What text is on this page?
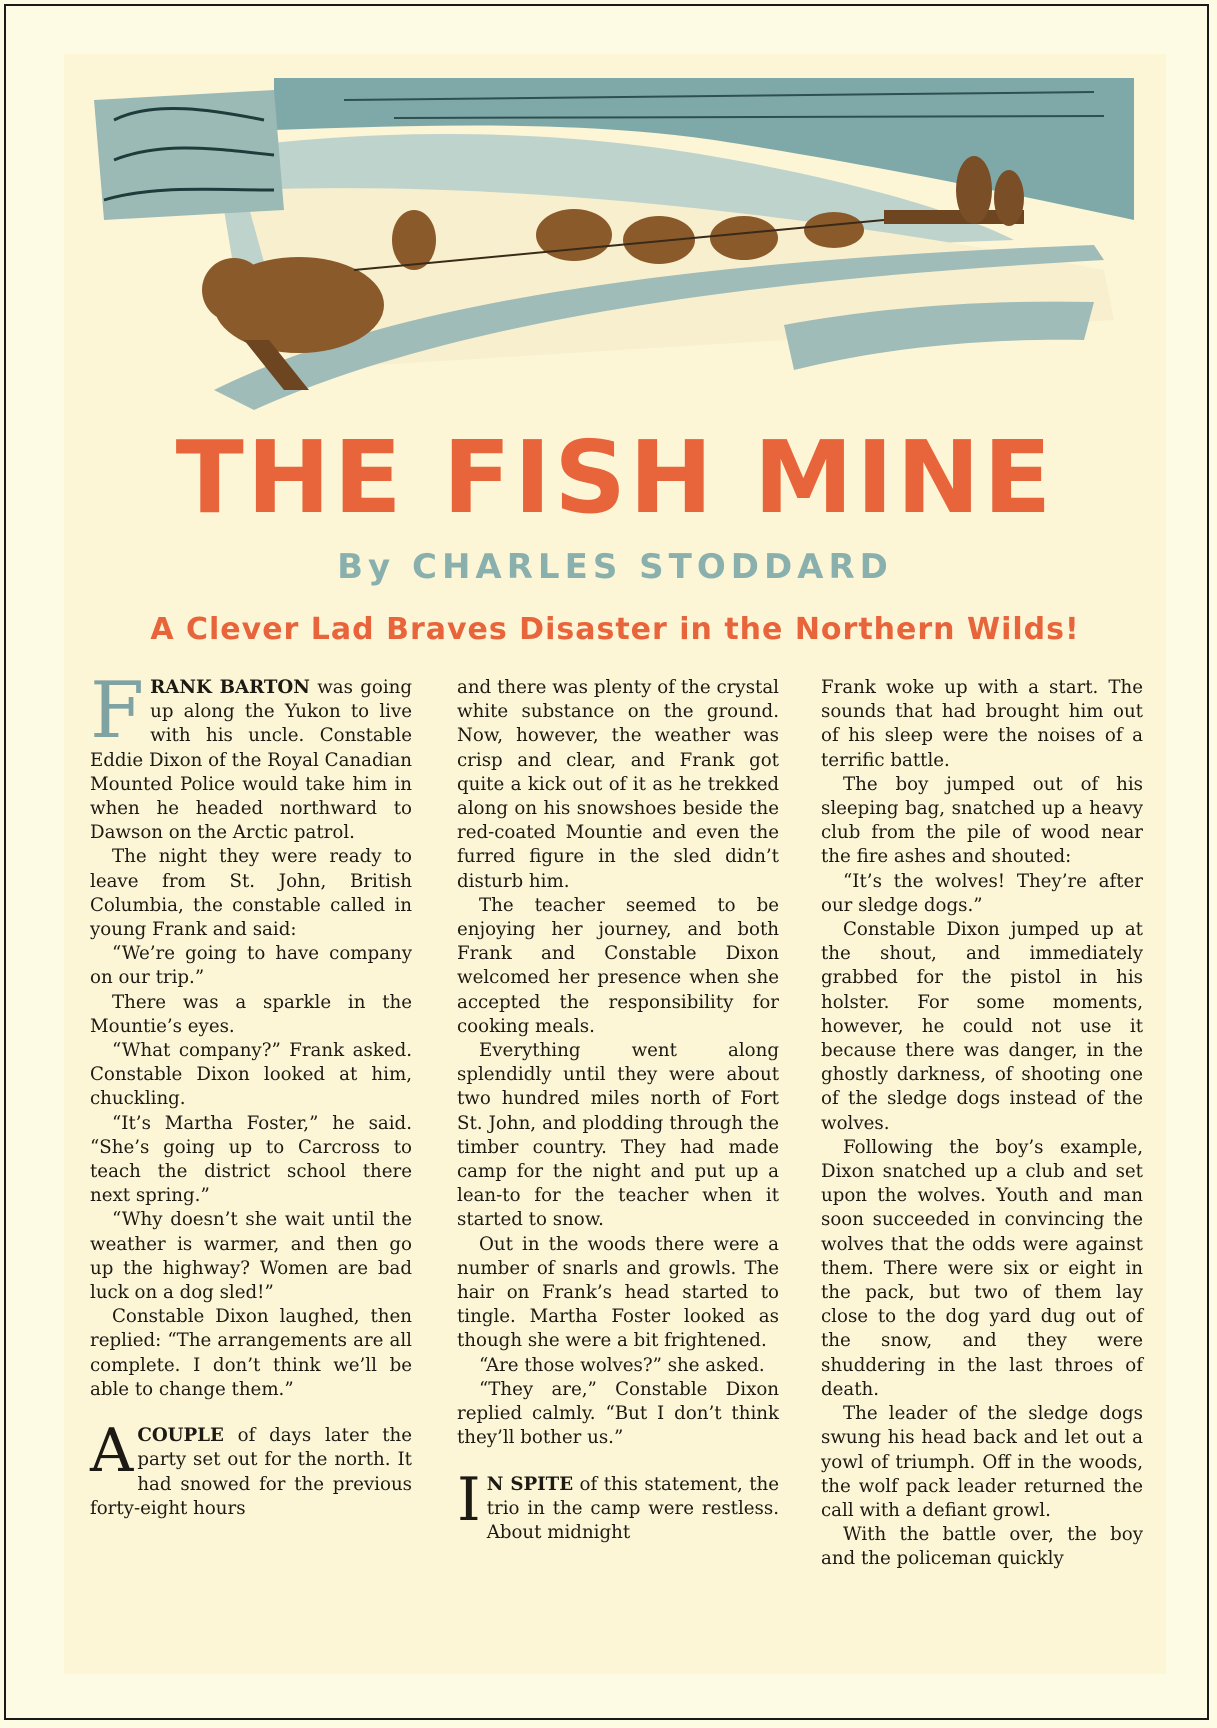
THE FISH MINE
By CHARLES STODDARD
A Clever Lad Braves Disaster in the Northern Wilds!

FRANK BARTON was going up along the Yukon to live with his uncle. Constable Eddie Dixon of the Royal Canadian Mounted Police would take him in when he headed northward to Dawson on the Arctic patrol.

The night they were ready to leave from St. John, British Columbia, the constable called in young Frank and said:

“We’re going to have company on our trip.”

There was a sparkle in the Mountie’s eyes.

“What company?” Frank asked. Constable Dixon looked at him, chuckling.

“It’s Martha Foster,” he said. “She’s going up to Carcross to teach the district school there next spring.”

“Why doesn’t she wait until the weather is warmer, and then go up the highway? Women are bad luck on a dog sled!”

Constable Dixon laughed, then replied: “The arrangements are all complete. I don’t think we’ll be able to change them.”

A COUPLE of days later the party set out for the north. It had snowed for the previous forty-eight hours

and there was plenty of the crystal white substance on the ground. Now, however, the weather was crisp and clear, and Frank got quite a kick out of it as he trekked along on his snowshoes beside the red-coated Mountie and even the furred figure in the sled didn’t disturb him.

The teacher seemed to be enjoying her journey, and both Frank and Constable Dixon welcomed her presence when she accepted the responsibility for cooking meals.

Everything went along splendidly until they were about two hundred miles north of Fort St. John, and plodding through the timber country. They had made camp for the night and put up a lean-to for the teacher when it started to snow.

Out in the woods there were a number of snarls and growls. The hair on Frank’s head started to tingle. Martha Foster looked as though she were a bit frightened.

“Are those wolves?” she asked.

“They are,” Constable Dixon replied calmly. “But I don’t think they’ll bother us.”

I N SPITE of this statement, the trio in the camp were restless. About midnight

Frank woke up with a start. The sounds that had brought him out of his sleep were the noises of a terrific battle.

The boy jumped out of his sleeping bag, snatched up a heavy club from the pile of wood near the fire ashes and shouted:

“It’s the wolves! They’re after our sledge dogs.”

Constable Dixon jumped up at the shout, and immediately grabbed for the pistol in his holster. For some moments, however, he could not use it because there was danger, in the ghostly darkness, of shooting one of the sledge dogs instead of the wolves.

Following the boy’s example, Dixon snatched up a club and set upon the wolves. Youth and man soon succeeded in convincing the wolves that the odds were against them. There were six or eight in the pack, but two of them lay close to the dog yard dug out of the snow, and they were shuddering in the last throes of death.

The leader of the sledge dogs swung his head back and let out a yowl of triumph. Off in the woods, the wolf pack leader returned the call with a defiant growl.

With the battle over, the boy and the policeman quickly
